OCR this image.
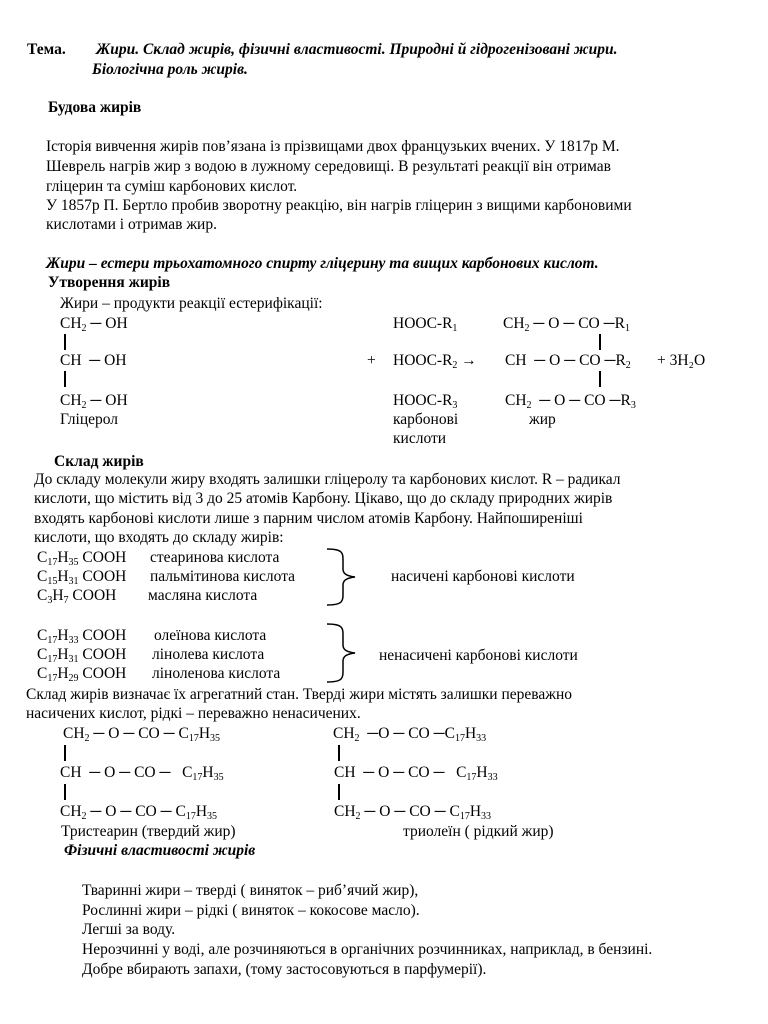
Тема. Жири. Склад жирів, фізичні властивості. Природні й гідрогенізовані жири.
Біологічна роль жирів.
Будова жирів
Історія вивчення жирів пов’язана із прізвищами двох французьких вчених. У 1817р М.
Шеврель нагрів жир з водою в лужному середовищі. В результаті реакції він отримав
гліцерин та суміш карбонових кислот.
У 1857р П. Бертло пробив зворотну реакцію, він нагрів гліцерин з вищими карбоновими
кислотами і отримав жир.
Жири – естери трьохатомного спирту гліцерину та вищих карбонових кислот.
Утворення жирів
Жири – продукти реакції естерифікації:
$CH_2$ ─ OH
CH  ─ OH
$CH_2$ ─ OH
Гліцерол
+
HOOC-$R_1$
HOOC-$R_2$ →
HOOC-$R_3$
карбонові
кислоти
$CH_2$ ─ O ─ CO $─R_1$
CH  ─ O ─ CO $─R_2 + 3H_2O$
$CH_2$  ─ O ─ CO $─R_3$
жир
Склад жирів
До складу молекули жиру входять залишки гліцеролу та карбонових кислот. R – радикал
кислоти, що містить від 3 до 25 атомів Карбону. Цікаво, що до складу природних жирів
входять карбонові кислоти лише з парним числом атомів Карбону. Найпоширеніші
кислоти, що входять до складу жирів:
$C_{17}H_{35}$ COOH стеаринова кислота
$C_{15}H_{31}$ COOH пальмітинова кислота
$C_3H_7$ COOH масляна кислота
насичені карбонові кислоти
$C_{17}H_{33}$ COOH олеїнова кислота
$C_{17}H_{31}$ COOH лінолева кислота
$C_{17}H_{29}$ COOH ліноленова кислота
ненасичені карбонові кислоти
Склад жирів визначає їх агрегатний стан. Тверді жири містять залишки переважно
насичених кислот, рідкі – переважно ненасичених.
$CH_2$ ─ O ─ CO ─ $C_{17}H_{35}$
CH  ─ O ─ CO ─   $C_{17}H_{35}$
$CH_2$ ─ O ─ CO ─ $C_{17}H_{35}$
Тристеарин (твердий жир)
$CH_2$  ─O ─ CO $─C_{17}H_{33}$
CH  ─ O ─ CO ─   $C_{17}H_{33}$
$CH_2$ ─ O ─ CO ─ $C_{17}H_{33}$
триолеїн ( рідкий жир)
Фізичні властивості жирів
Тваринні жири – тверді ( виняток – риб’ячий жир),
Рослинні жири – рідкі ( виняток – кокосове масло).
Легші за воду.
Нерозчинні у воді, але розчиняються в органічних розчинниках, наприклад, в бензині.
Добре вбирають запахи, (тому застосовуються в парфумерії).
